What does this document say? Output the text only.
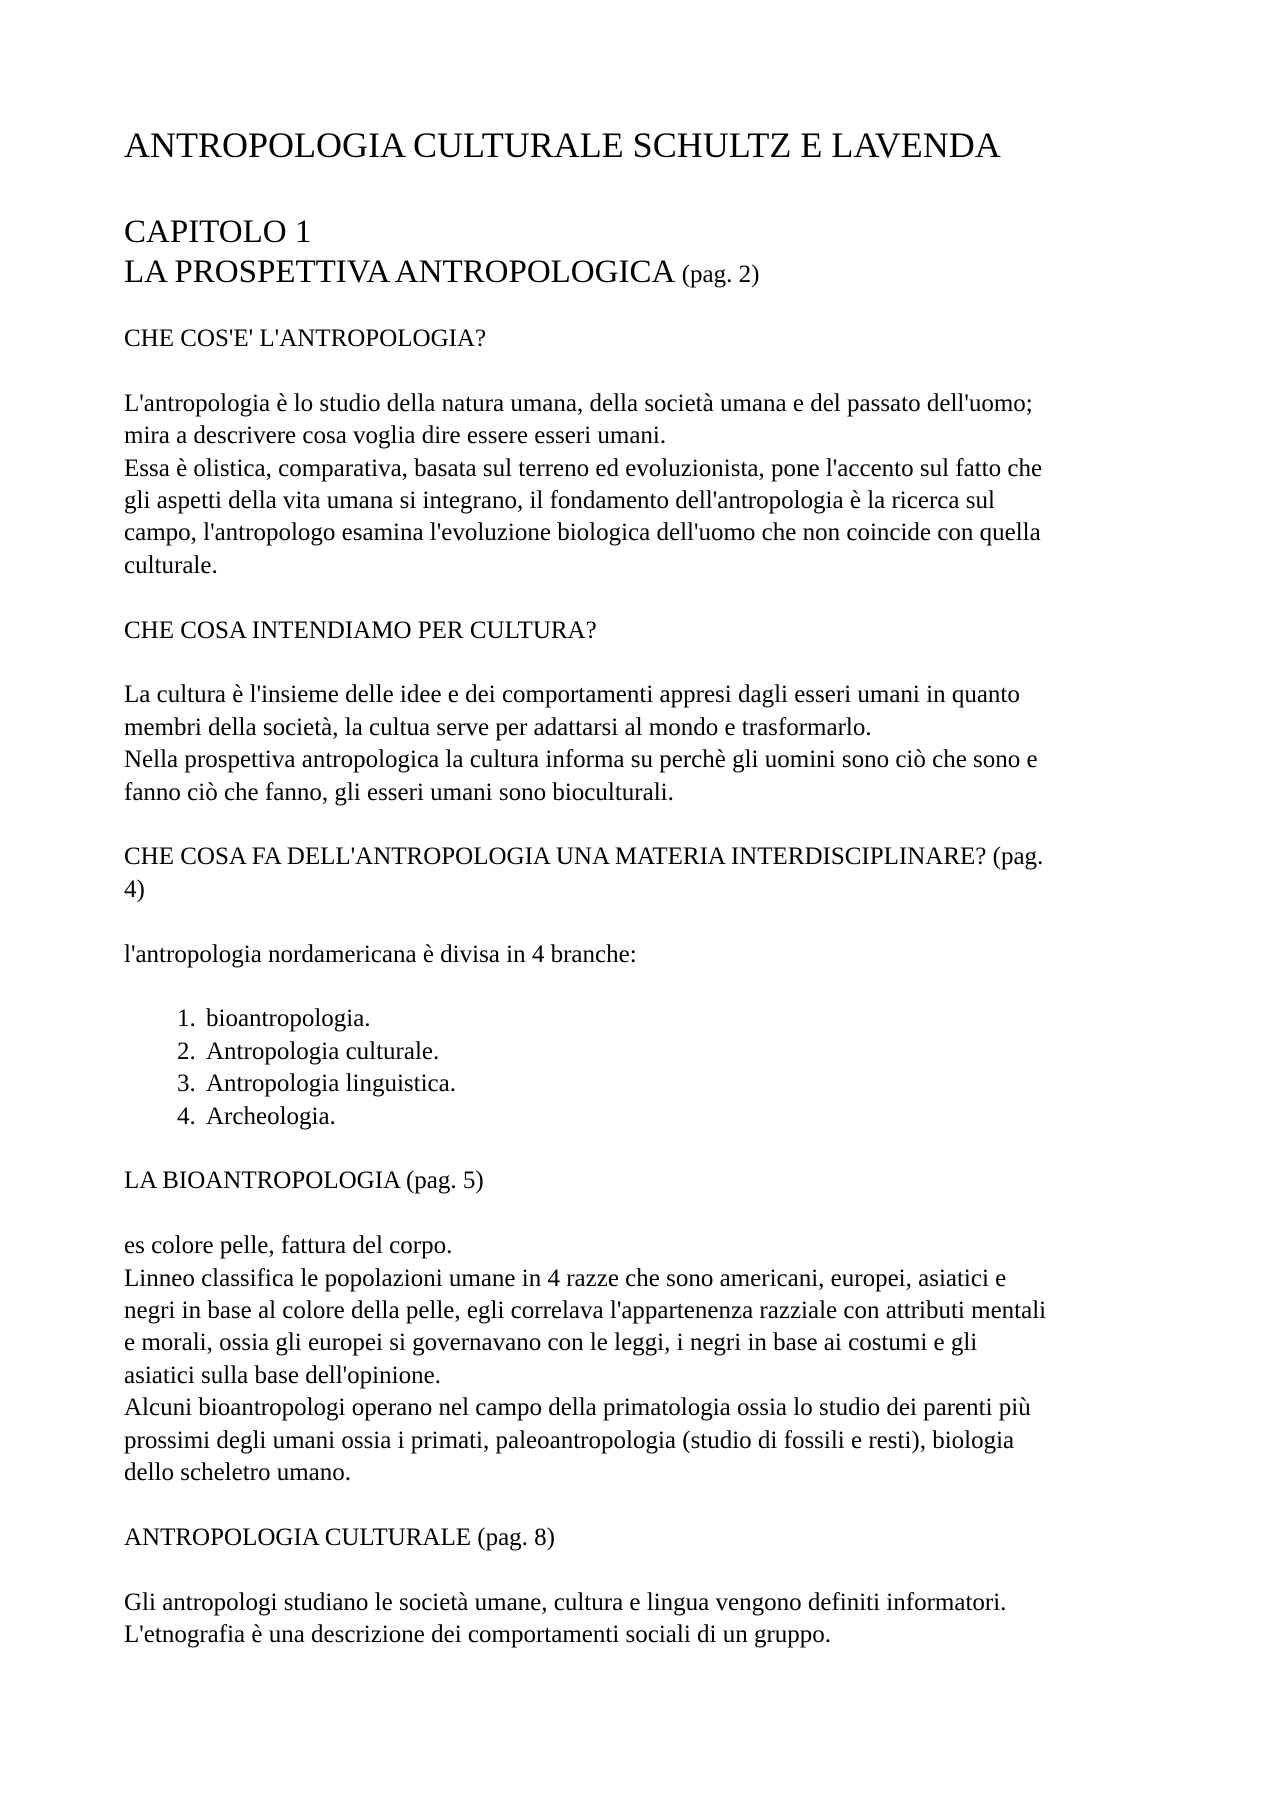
ANTROPOLOGIA CULTURALE SCHULTZ E LAVENDA
CAPITOLO 1
LA PROSPETTIVA ANTROPOLOGICA (pag. 2)
CHE COS'E' L'ANTROPOLOGIA?

L'antropologia è lo studio della natura umana, della società umana e del passato dell'uomo;
mira a descrivere cosa voglia dire essere esseri umani.
Essa è olistica, comparativa, basata sul terreno ed evoluzionista, pone l'accento sul fatto che
gli aspetti della vita umana si integrano, il fondamento dell'antropologia è la ricerca sul
campo, l'antropologo esamina l'evoluzione biologica dell'uomo che non coincide con quella
culturale.

CHE COSA INTENDIAMO PER CULTURA?

La cultura è l'insieme delle idee e dei comportamenti appresi dagli esseri umani in quanto
membri della società, la cultua serve per adattarsi al mondo e trasformarlo.
Nella prospettiva antropologica la cultura informa su perchè gli uomini sono ciò che sono e
fanno ciò che fanno, gli esseri umani sono bioculturali.

CHE COSA FA DELL'ANTROPOLOGIA UNA MATERIA INTERDISCIPLINARE? (pag.
4)

l'antropologia nordamericana è divisa in 4 branche:

1. bioantropologia.
2. Antropologia culturale.
3. Antropologia linguistica.
4. Archeologia.
LA BIOANTROPOLOGIA (pag. 5)

es colore pelle, fattura del corpo.
Linneo classifica le popolazioni umane in 4 razze che sono americani, europei, asiatici e
negri in base al colore della pelle, egli correlava l'appartenenza razziale con attributi mentali
e morali, ossia gli europei si governavano con le leggi, i negri in base ai costumi e gli
asiatici sulla base dell'opinione.
Alcuni bioantropologi operano nel campo della primatologia ossia lo studio dei parenti più
prossimi degli umani ossia i primati, paleoantropologia (studio di fossili e resti), biologia
dello scheletro umano.

ANTROPOLOGIA CULTURALE (pag. 8)

Gli antropologi studiano le società umane, cultura e lingua vengono definiti informatori.
L'etnografia è una descrizione dei comportamenti sociali di un gruppo.
